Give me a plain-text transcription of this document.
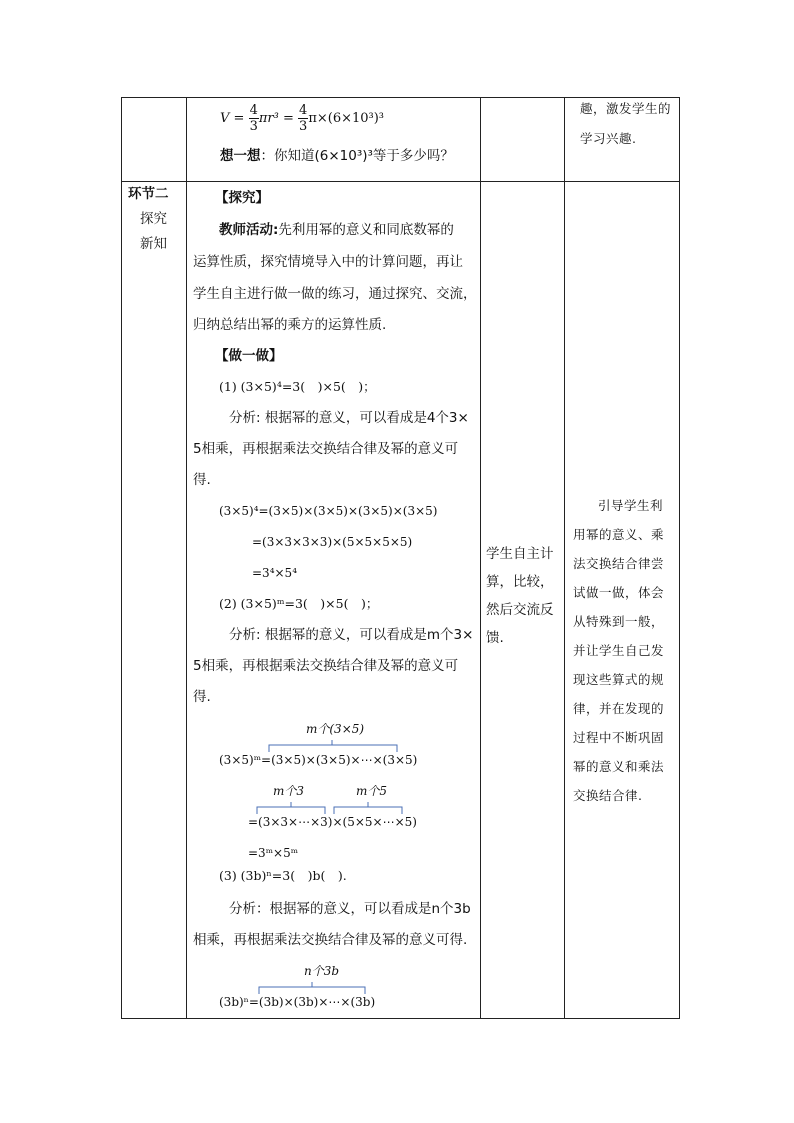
$V = \frac{4}{3} \pi r^3 = \frac{4}{3} \pi\times(6\times 10^3)^3$
想一想：你知道(6×10³)³等于多少吗？
趣，激发学生的
学习兴趣.
环节二
探究
新知
【探究】
教师活动:先利用幂的意义和同底数幂的
运算性质，探究情境导入中的计算问题，再让
学生自主进行做一做的练习，通过探究、交流，
归纳总结出幂的乘方的运算性质.
【做一做】
(1) (3×5)⁴=3(　)×5(　)；
分析: 根据幂的意义，可以看成是4个3×
5相乘，再根据乘法交换结合律及幂的意义可
得.
(3×5)⁴=(3×5)×(3×5)×(3×5)×(3×5)
=(3×3×3×3)×(5×5×5×5)
=3⁴×5⁴
(2) (3×5)ᵐ=3(　)×5(　)；
分析: 根据幂的意义，可以看成是m个3×
5相乘，再根据乘法交换结合律及幂的意义可
得.
m个(3×5)
(3×5)ᵐ=(3×5)×(3×5)×⋯×(3×5)
m个3	m个5
=(3×3×⋯×3)×(5×5×⋯×5)
=3ᵐ×5ᵐ
(3) (3b)ⁿ=3(　)b(　).
分析：根据幂的意义，可以看成是n个3b
相乘，再根据乘法交换结合律及幂的意义可得.
n个3b
(3b)ⁿ=(3b)×(3b)×⋯×(3b)
学生自主计
算，比较，
然后交流反
馈.
引导学生利
用幂的意义、乘
法交换结合律尝
试做一做，体会
从特殊到一般，
并让学生自己发
现这些算式的规
律，并在发现的
过程中不断巩固
幂的意义和乘法
交换结合律.
